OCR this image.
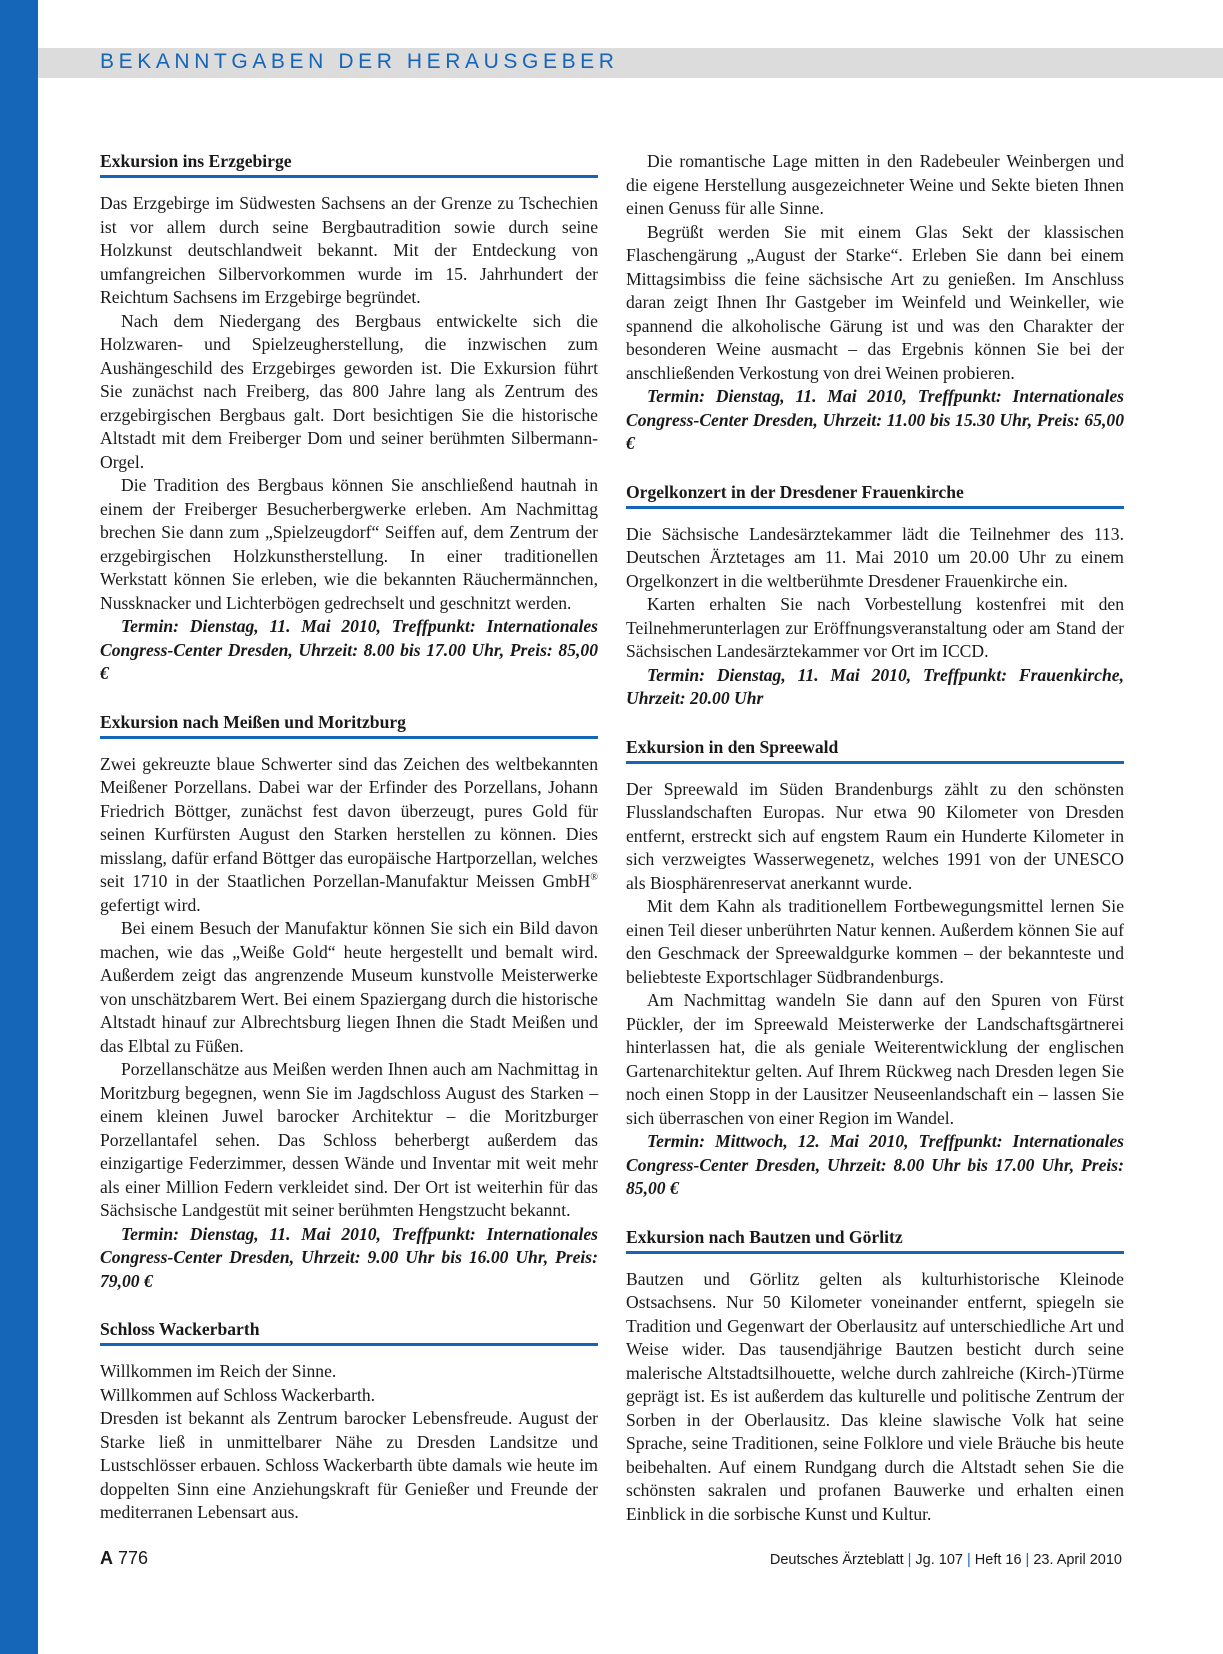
BEKANNTGABEN DER HERAUSGEBER
Exkursion ins Erzgebirge

Das Erzgebirge im Südwesten Sachsens an der Grenze zu Tschechien ist vor allem durch seine Bergbautradition sowie durch seine Holzkunst deutschlandweit bekannt. Mit der Entdeckung von umfangreichen Silbervorkommen wurde im 15. Jahrhundert der Reichtum Sachsens im Erzgebirge begründet.

Nach dem Niedergang des Bergbaus entwickelte sich die Holzwaren- und Spielzeugherstellung, die inzwischen zum Aushängeschild des Erzgebirges geworden ist. Die Exkursion führt Sie zunächst nach Freiberg, das 800 Jahre lang als Zentrum des erzgebirgischen Bergbaus galt. Dort besichtigen Sie die historische Altstadt mit dem Freiberger Dom und seiner berühmten Silbermann-Orgel.

Die Tradition des Bergbaus können Sie anschließend hautnah in einem der Freiberger Besucherbergwerke erleben. Am Nachmittag brechen Sie dann zum „Spielzeugdorf“ Seiffen auf, dem Zentrum der erzgebirgischen Holzkunstherstellung. In einer traditionellen Werkstatt können Sie erleben, wie die bekannten Räuchermännchen, Nussknacker und Lichterbögen gedrechselt und geschnitzt werden.

Termin: Dienstag, 11. Mai 2010, Treffpunkt: Internationales Congress-Center Dresden, Uhrzeit: 8.00 bis 17.00 Uhr, Preis: 85,00 €

Exkursion nach Meißen und Moritzburg

Zwei gekreuzte blaue Schwerter sind das Zeichen des weltbekannten Meißener Porzellans. Dabei war der Erfinder des Porzellans, Johann Friedrich Böttger, zunächst fest davon überzeugt, pures Gold für seinen Kurfürsten August den Starken herstellen zu können. Dies misslang, dafür erfand Böttger das europäische Hartporzellan, welches seit 1710 in der Staatlichen Porzellan-Manufaktur Meissen GmbH® gefertigt wird.

Bei einem Besuch der Manufaktur können Sie sich ein Bild davon machen, wie das „Weiße Gold“ heute hergestellt und bemalt wird. Außerdem zeigt das angrenzende Museum kunstvolle Meisterwerke von unschätzbarem Wert. Bei einem Spaziergang durch die historische Altstadt hinauf zur Albrechtsburg liegen Ihnen die Stadt Meißen und das Elbtal zu Füßen.

Porzellanschätze aus Meißen werden Ihnen auch am Nachmittag in Moritzburg begegnen, wenn Sie im Jagdschloss August des Starken – einem kleinen Juwel barocker Architektur – die Moritzburger Porzellantafel sehen. Das Schloss beherbergt außerdem das einzigartige Federzimmer, dessen Wände und Inventar mit weit mehr als einer Million Federn verkleidet sind. Der Ort ist weiterhin für das Sächsische Landgestüt mit seiner berühmten Hengstzucht bekannt.

Termin: Dienstag, 11. Mai 2010, Treffpunkt: Internationales Congress-Center Dresden, Uhrzeit: 9.00 Uhr bis 16.00 Uhr, Preis: 79,00 €

Schloss Wackerbarth

Willkommen im Reich der Sinne.

Willkommen auf Schloss Wackerbarth.

Dresden ist bekannt als Zentrum barocker Lebensfreude. August der Starke ließ in unmittelbarer Nähe zu Dresden Landsitze und Lustschlösser erbauen. Schloss Wackerbarth übte damals wie heute im doppelten Sinn eine Anziehungskraft für Genießer und Freunde der mediterranen Lebensart aus.

Die romantische Lage mitten in den Radebeuler Weinbergen und die eigene Herstellung ausgezeichneter Weine und Sekte bieten Ihnen einen Genuss für alle Sinne.

Begrüßt werden Sie mit einem Glas Sekt der klassischen Flaschengärung „August der Starke“. Erleben Sie dann bei einem Mittagsimbiss die feine sächsische Art zu genießen. Im Anschluss daran zeigt Ihnen Ihr Gastgeber im Weinfeld und Weinkeller, wie spannend die alkoholische Gärung ist und was den Charakter der besonderen Weine ausmacht – das Ergebnis können Sie bei der anschließenden Verkostung von drei Weinen probieren.

Termin: Dienstag, 11. Mai 2010, Treffpunkt: Internationales Congress-Center Dresden, Uhrzeit: 11.00 bis 15.30 Uhr, Preis: 65,00 €

Orgelkonzert in der Dresdener Frauenkirche

Die Sächsische Landesärztekammer lädt die Teilnehmer des 113. Deutschen Ärztetages am 11. Mai 2010 um 20.00 Uhr zu einem Orgelkonzert in die weltberühmte Dresdener Frauenkirche ein.

Karten erhalten Sie nach Vorbestellung kostenfrei mit den Teilnehmerunterlagen zur Eröffnungsveranstaltung oder am Stand der Sächsischen Landesärztekammer vor Ort im ICCD.

Termin: Dienstag, 11. Mai 2010, Treffpunkt: Frauenkirche, Uhrzeit: 20.00 Uhr

Exkursion in den Spreewald

Der Spreewald im Süden Brandenburgs zählt zu den schönsten Flusslandschaften Europas. Nur etwa 90 Kilometer von Dresden entfernt, erstreckt sich auf engstem Raum ein Hunderte Kilometer in sich verzweigtes Wasserwegenetz, welches 1991 von der UNESCO als Biosphärenreservat anerkannt wurde.

Mit dem Kahn als traditionellem Fortbewegungsmittel lernen Sie einen Teil dieser unberührten Natur kennen. Außerdem können Sie auf den Geschmack der Spreewaldgurke kommen – der bekannteste und beliebteste Exportschlager Südbrandenburgs.

Am Nachmittag wandeln Sie dann auf den Spuren von Fürst Pückler, der im Spreewald Meisterwerke der Landschaftsgärtnerei hinterlassen hat, die als geniale Weiterentwicklung der englischen Gartenarchitektur gelten. Auf Ihrem Rückweg nach Dresden legen Sie noch einen Stopp in der Lausitzer Neuseenlandschaft ein – lassen Sie sich überraschen von einer Region im Wandel.

Termin: Mittwoch, 12. Mai 2010, Treffpunkt: Internationales Congress-Center Dresden, Uhrzeit: 8.00 Uhr bis 17.00 Uhr, Preis: 85,00 €

Exkursion nach Bautzen und Görlitz

Bautzen und Görlitz gelten als kulturhistorische Kleinode Ostsachsens. Nur 50 Kilometer voneinander entfernt, spiegeln sie Tradition und Gegenwart der Oberlausitz auf unterschiedliche Art und Weise wider. Das tausendjährige Bautzen besticht durch seine malerische Altstadtsilhouette, welche durch zahlreiche (Kirch-)Türme geprägt ist. Es ist außerdem das kulturelle und politische Zentrum der Sorben in der Oberlausitz. Das kleine slawische Volk hat seine Sprache, seine Traditionen, seine Folklore und viele Bräuche bis heute beibehalten. Auf einem Rundgang durch die Altstadt sehen Sie die schönsten sakralen und profanen Bauwerke und erhalten einen Einblick in die sorbische Kunst und Kultur.

A 776	Deutsches Ärzteblatt | Jg. 107 | Heft 16 | 23. April 2010
